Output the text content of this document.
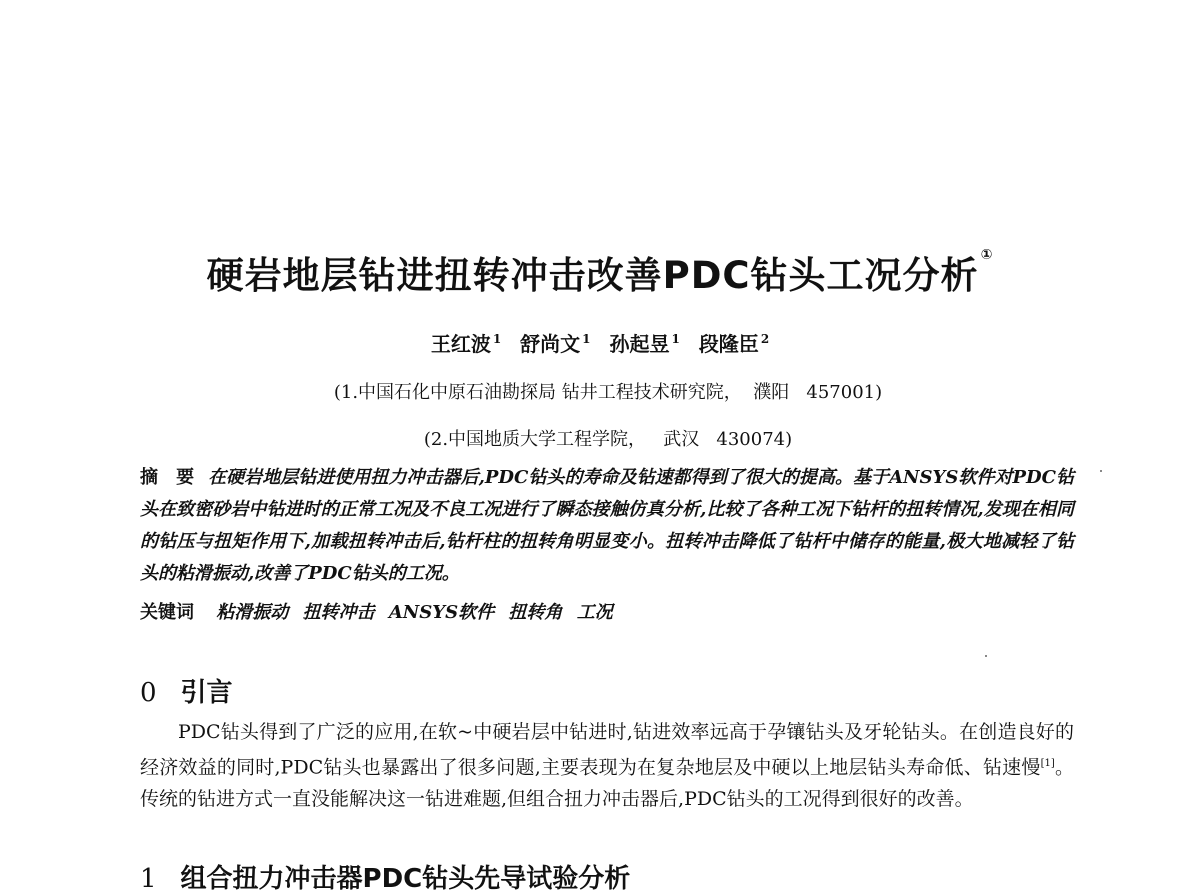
硬岩地层钻进扭转冲击改善PDC钻头工况分析 ①
王红波 $^1$ 舒尚文 $^1$ 孙起昱 $^1$ 段隆臣 $^2$
(1.中国石化中原石油勘探局 钻井工程技术研究院，  濮阳   457001)
(2.中国地质大学工程学院，   武汉   430074)
摘　要 在硬岩地层钻进使用扭力冲击器后,PDC钻头的寿命及钻速都得到了很大的提高。基于ANSYS软件对PDC钻头在致密砂岩中钻进时的正常工况及不良工况进行了瞬态接触仿真分析,比较了各种工况下钻杆的扭转情况,发现在相同的钻压与扭矩作用下,加载扭转冲击后,钻杆柱的扭转角明显变小。扭转冲击降低了钻杆中储存的能量,极大地减轻了钻头的粘滑振动,改善了PDC钻头的工况。
关键词 粘滑振动 扭转冲击 ANSYS软件 扭转角 工况
0 引言
PDC钻头得到了广泛的应用,在软~中硬岩层中钻进时,钻进效率远高于孕镶钻头及牙轮钻头。在创造良好的经济效益的同时,PDC钻头也暴露出了很多问题,主要表现为在复杂地层及中硬以上地层钻头寿命低、钻速慢[1]。传统的钻进方式一直没能解决这一钻进难题,但组合扭力冲击器后,PDC钻头的工况得到很好的改善。
1 组合扭力冲击器PDC钻头先导试验分析
